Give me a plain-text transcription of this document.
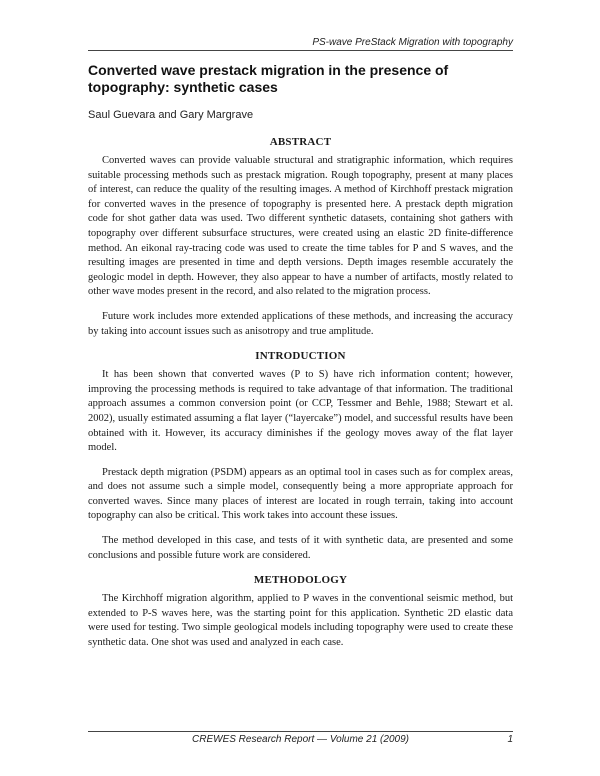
PS-wave PreStack Migration with topography
Converted wave prestack migration in the presence of topography: synthetic cases

Saul Guevara and Gary Margrave

ABSTRACT

Converted waves can provide valuable structural and stratigraphic information, which requires suitable processing methods such as prestack migration. Rough topography, present at many places of interest, can reduce the quality of the resulting images. A method of Kirchhoff prestack migration for converted waves in the presence of topography is presented here. A prestack depth migration code for shot gather data was used. Two different synthetic datasets, containing shot gathers with topography over different subsurface structures, were created using an elastic 2D finite-difference method. An eikonal ray-tracing code was used to create the time tables for P and S waves, and the resulting images are presented in time and depth versions. Depth images resemble accurately the geologic model in depth. However, they also appear to have a number of artifacts, mostly related to other wave modes present in the record, and also related to the migration process.

Future work includes more extended applications of these methods, and increasing the accuracy by taking into account issues such as anisotropy and true amplitude.

INTRODUCTION

It has been shown that converted waves (P to S) have rich information content; however, improving the processing methods is required to take advantage of that information. The traditional approach assumes a common conversion point (or CCP, Tessmer and Behle, 1988; Stewart et al. 2002), usually estimated assuming a flat layer (“layercake”) model, and successful results have been obtained with it. However, its accuracy diminishes if the geology moves away of the flat layer model.

Prestack depth migration (PSDM) appears as an optimal tool in cases such as for complex areas, and does not assume such a simple model, consequently being a more appropriate approach for converted waves. Since many places of interest are located in rough terrain, taking into account topography can also be critical. This work takes into account these issues.

The method developed in this case, and tests of it with synthetic data, are presented and some conclusions and possible future work are considered.

METHODOLOGY

The Kirchhoff migration algorithm, applied to P waves in the conventional seismic method, but extended to P-S waves here, was the starting point for this application. Synthetic 2D elastic data were used for testing. Two simple geological models including topography were used to create these synthetic data. One shot was used and analyzed in each case.

CREWES Research Report — Volume 21 (2009)	1
